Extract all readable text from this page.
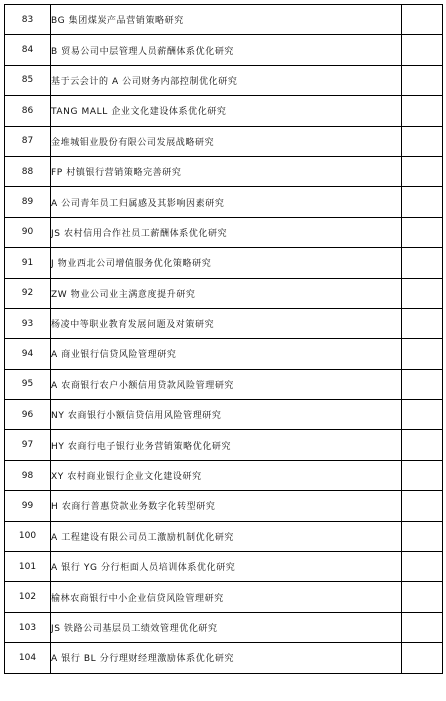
83	BG 集团煤炭产品营销策略研究	
84	B 贸易公司中层管理人员薪酬体系优化研究	
85	基于云会计的 A 公司财务内部控制优化研究	
86	TANG MALL 企业文化建设体系优化研究	
87	金堆城钼业股份有限公司发展战略研究	
88	FP 村镇银行营销策略完善研究	
89	A 公司青年员工归属感及其影响因素研究	
90	JS 农村信用合作社员工薪酬体系优化研究	
91	J 物业西北公司增值服务优化策略研究	
92	ZW 物业公司业主满意度提升研究	
93	杨凌中等职业教育发展问题及对策研究	
94	A 商业银行信贷风险管理研究	
95	A 农商银行农户小额信用贷款风险管理研究	
96	NY 农商银行小额信贷信用风险管理研究	
97	HY 农商行电子银行业务营销策略优化研究	
98	XY 农村商业银行企业文化建设研究	
99	H 农商行普惠贷款业务数字化转型研究	
100	A 工程建设有限公司员工激励机制优化研究	
101	A 银行 YG 分行柜面人员培训体系优化研究	
102	榆林农商银行中小企业信贷风险管理研究	
103	JS 铁路公司基层员工绩效管理优化研究	
104	A 银行 BL 分行理财经理激励体系优化研究	
